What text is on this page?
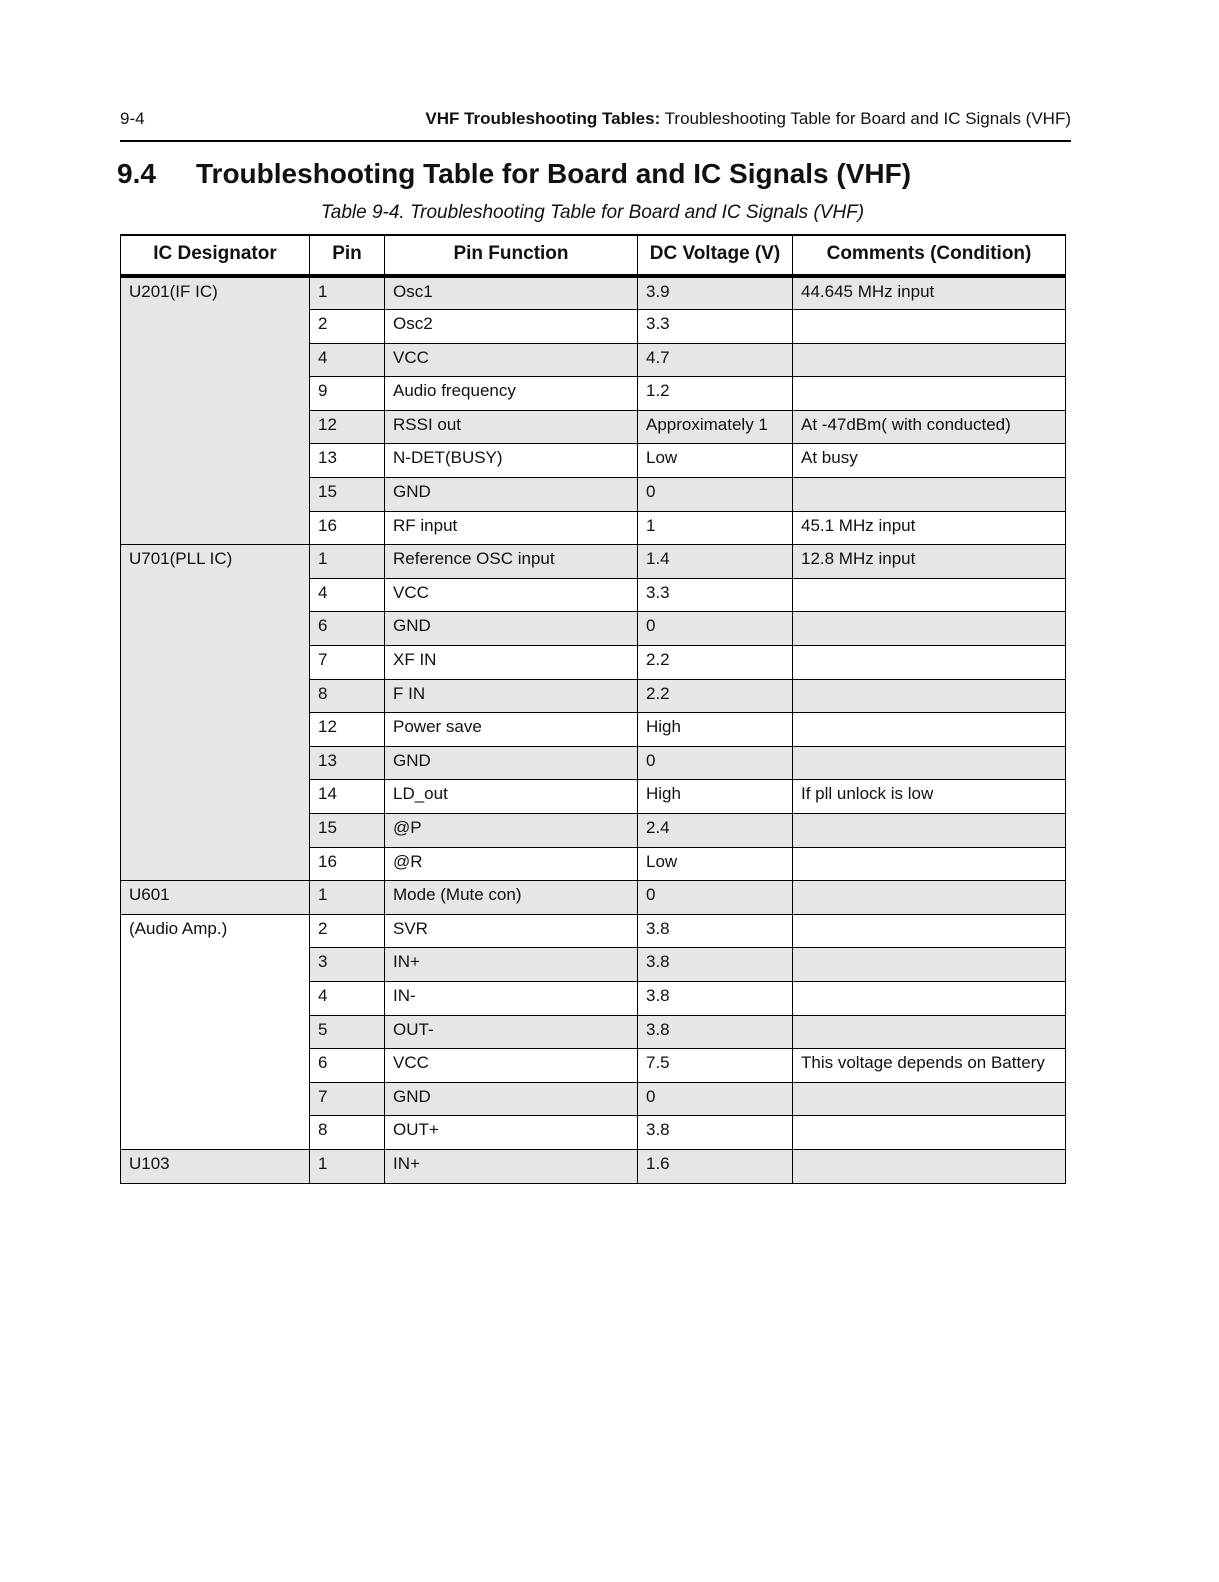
9-4	VHF Troubleshooting Tables: Troubleshooting Table for Board and IC Signals (VHF)
9.4 Troubleshooting Table for Board and IC Signals (VHF)
Table 9-4. Troubleshooting Table for Board and IC Signals (VHF)
IC Designator	Pin	Pin Function	DC Voltage (V)	Comments (Condition)
U201(IF IC)	1	Osc1	3.9	44.645 MHz input
	2	Osc2	3.3	
	4	VCC	4.7	
	9	Audio frequency	1.2	
	12	RSSI out	Approximately 1	At -47dBm( with conducted)
	13	N-DET(BUSY)	Low	At busy
	15	GND	0	
	16	RF input	1	45.1 MHz input
U701(PLL IC)	1	Reference OSC input	1.4	12.8 MHz input
	4	VCC	3.3	
	6	GND	0	
	7	XF IN	2.2	
	8	F IN	2.2	
	12	Power save	High	
	13	GND	0	
	14	LD_out	High	If pll unlock is low
	15	@P	2.4	
	16	@R	Low	
U601	1	Mode (Mute con)	0	
(Audio Amp.)	2	SVR	3.8	
	3	IN+	3.8	
	4	IN-	3.8	
	5	OUT-	3.8	
	6	VCC	7.5	This voltage depends on Battery
	7	GND	0	
	8	OUT+	3.8	
U103	1	IN+	1.6	
